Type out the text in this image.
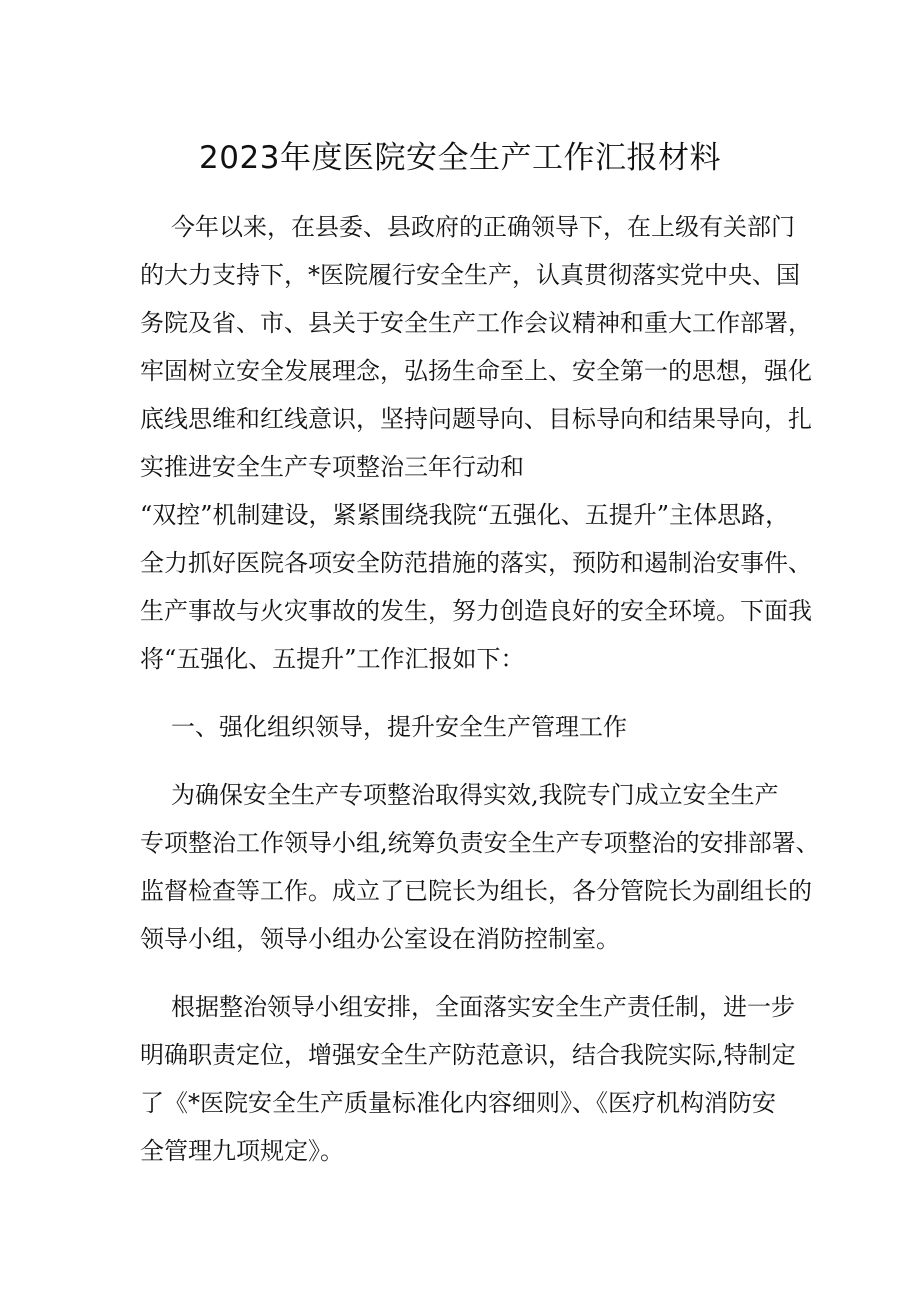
2023年度医院安全生产工作汇报材料
今年以来，在县委、县政府的正确领导下，在上级有关部门
的大力支持下，*医院履行安全生产，认真贯彻落实党中央、国
务院及省、市、县关于安全生产工作会议精神和重大工作部署，
牢固树立安全发展理念，弘扬生命至上、安全第一的思想，强化
底线思维和红线意识，坚持问题导向、目标导向和结果导向，扎
实推进安全生产专项整治三年行动和
“双控”机制建设，紧紧围绕我院“五强化、五提升”主体思路，
全力抓好医院各项安全防范措施的落实，预防和遏制治安事件、
生产事故与火灾事故的发生，努力创造良好的安全环境。下面我
将“五强化、五提升”工作汇报如下：
一、强化组织领导，提升安全生产管理工作
为确保安全生产专项整治取得实效,我院专门成立安全生产
专项整治工作领导小组,统筹负责安全生产专项整治的安排部署、
监督检查等工作。成立了已院长为组长，各分管院长为副组长的
领导小组，领导小组办公室设在消防控制室。
根据整治领导小组安排，全面落实安全生产责任制，进一步
明确职责定位，增强安全生产防范意识，结合我院实际,特制定
了《*医院安全生产质量标准化内容细则》、《医疗机构消防安
全管理九项规定》。
